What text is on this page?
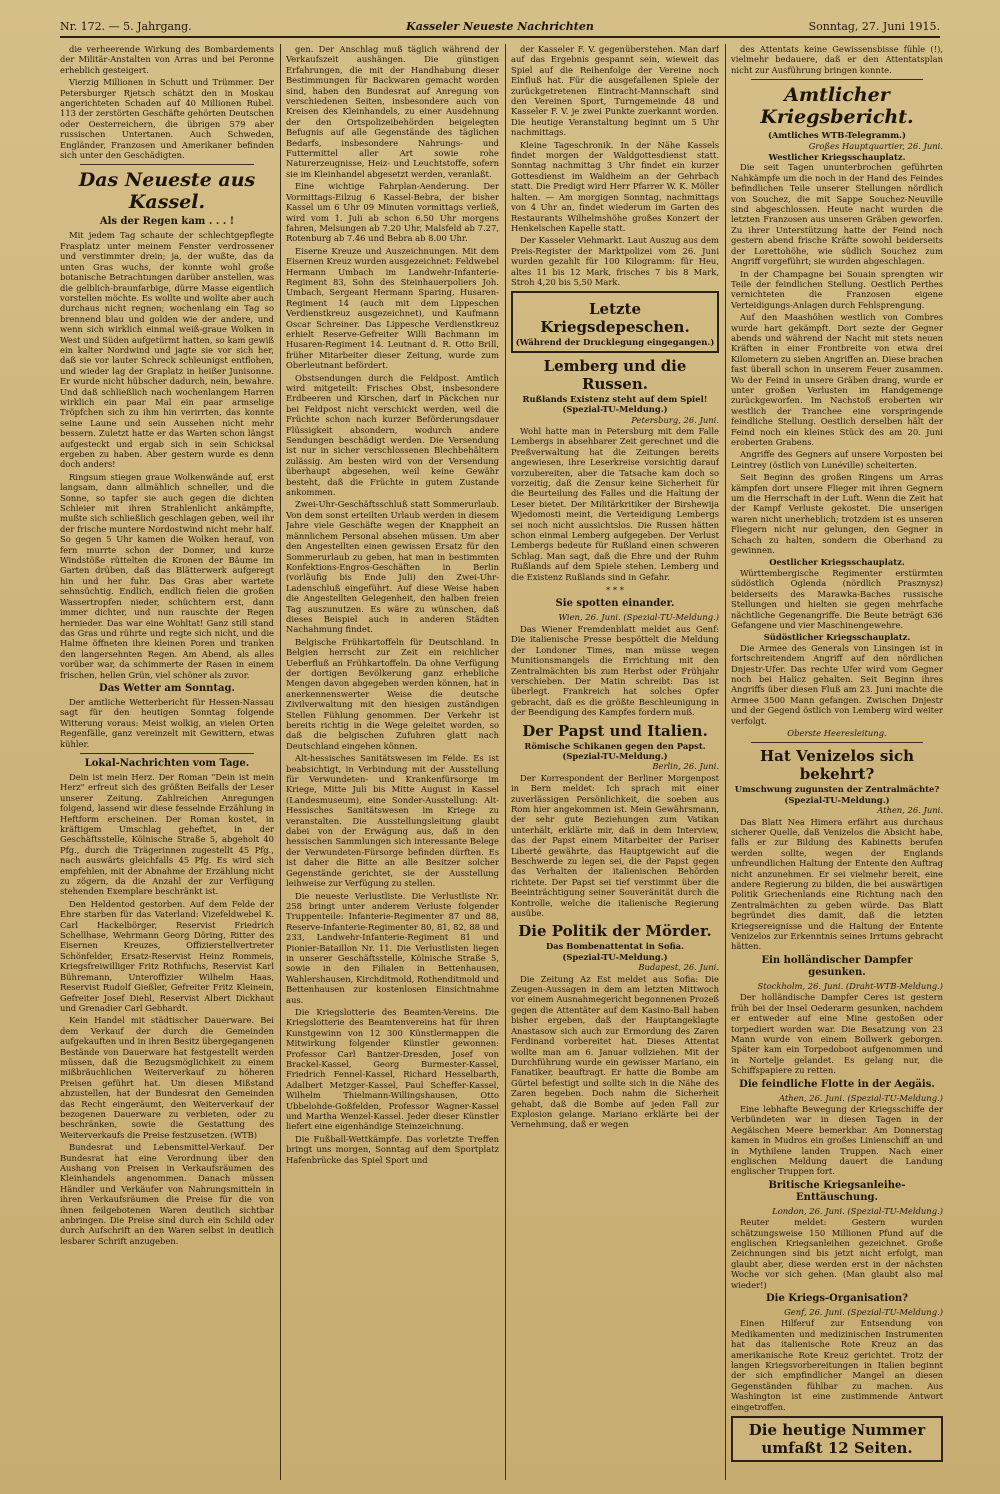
Nr. 172. — 5. Jahrgang.	Kasseler Neueste Nachrichten	Sonntag, 27. Juni 1915.

die verheerende Wirkung des Bombardements der Militär-Anstalten von Arras und bei Peronne erheblich gesteigert.

Vierzig Millionen in Schutt und Trümmer. Der Petersburger Rjetsch schätzt den in Moskau angerichteten Schaden auf 40 Millionen Rubel. 113 der zerstörten Geschäfte gehörten Deutschen oder Oesterreichern, die übrigen 579 aber russischen Untertanen. Auch Schweden, Engländer, Franzosen und Amerikaner befinden sich unter den Geschädigten.

Das Neueste aus Kassel.
Als der Regen kam . . . !

Mit jedem Tag schaute der schlechtgepflegte Frasplatz unter meinem Fenster verdrossener und verstimmter drein; ja, der wußte, das da unten Gras wuchs, der konnte wohl große botanische Betrachtungen darüber anstellen, was die gelblich-braunfarbige, dürre Masse eigentlich vorstellen möchte. Es wollte und wollte aber auch durchaus nicht regnen; wochenlang ein Tag so brennend blau und golden wie der andere, und wenn sich wirklich einmal weiß-graue Wolken in West und Süden aufgetürmt hatten, so kam gewiß ein kalter Nordwind und jagte sie vor sich her, daß sie vor lauter Schreck schleunigst entflohen, und wieder lag der Graplatz in heißer Junisonne. Er wurde nicht hübscher dadurch, nein, bewahre. Und daß schließlich nach wochenlangem Harren wirklich ein paar Mal ein paar armselige Tröpfchen sich zu ihm hin verirrten, das konnte seine Laune und sein Aussehen nicht mehr bessern. Zuletzt hatte er das Warten schon längst aufgesteckt und ergab sich in sein Schicksal ergeben zu haben. Aber gestern wurde es denn doch anders!

Ringsum stiegen graue Wolkenwände auf, erst langsam, dann allmählich schneller, und die Sonne, so tapfer sie auch gegen die dichten Schleier mit ihren Strahlenlicht ankämpfte, mußte sich schließlich geschlagen geben, weil ihr der frische muntere Nordostwind nicht mehr half. So gegen 5 Uhr kamen die Wolken herauf, von fern murrte schon der Donner, und kurze Windstöße rüttelten die Kronen der Bäume im Garten drüben, daß das Blätterwerk aufgeregt hin und her fuhr. Das Gras aber wartete sehnsüchtig. Endlich, endlich fielen die großen Wassertropfen nieder, schüchtern erst, dann immer dichter, und nun rauschte der Regen hernieder. Das war eine Wohltat! Ganz still stand das Gras und rührte und regte sich nicht, und die Halme öffneten ihre kleinen Poren und tranken den langersehnten Regen. Am Abend, als alles vorüber war, da schimmerte der Rasen in einem frischen, hellen Grün, viel schöner als zuvor.

Das Wetter am Sonntag.

Der amtliche Wetterbericht für Hessen-Nassau sagt für den heutigen Sonntag folgende Witterung voraus: Meist wolkig, an vielen Orten Regenfälle, ganz vereinzelt mit Gewittern, etwas kühler.

Lokal-Nachrichten vom Tage.

Dein ist mein Herz. Der Roman "Dein ist mein Herz" erfreut sich des größten Beifalls der Leser unserer Zeitung. Zahlreichen Anregungen folgend, lassend wir diese fesselnde Erzählung in Heftform erscheinen. Der Roman kostet, in kräftigem Umschlag geheftet, in der Geschäftsstelle, Kölnische Straße 5, abgeholt 40 Pfg., durch die Trägerinnen zugestellt 45 Pfg., nach auswärts gleichfalls 45 Pfg. Es wird sich empfehlen, mit der Abnahme der Erzählung nicht zu zögern, da die Anzahl der zur Verfügung stehenden Exemplare beschränkt ist.

Den Heldentod gestorben. Auf dem Felde der Ehre starben für das Vaterland: Vizefeldwebel K. Carl Hackelbörger, Reservist Friedrich Schellhase, Wehrmann Georg Döring, Ritter des Eisernen Kreuzes, Offizierstellvertreter Schönfelder, Ersatz-Reservist Heinz Rommeis, Kriegsfreiwilliger Fritz Rothfuchs, Reservist Karl Bühremann, Unteroffizier Wilhelm Haas, Reservist Rudolf Gießler, Gefreiter Fritz Kleinein, Gefreiter Josef Diehl, Reservist Albert Dickhaut und Grenadier Carl Gebhardt.

Kein Handel mit städtischer Dauerware. Bei dem Verkauf der durch die Gemeinden aufgekauften und in ihren Besitz übergegangenen Bestände von Dauerware hat festgestellt werden müssen, daß die Bezugsmöglichkeit zu einem mißbräuchlichen Weiterverkauf zu höheren Preisen geführt hat. Um diesen Mißstand abzustellen, hat der Bundesrat den Gemeinden das Recht eingeräumt, den Weiterverkauf der bezogenen Dauerware zu verbieten, oder zu beschränken, sowie die Gestattung des Weiterverkaufs die Preise festzusetzen. (WTB)

Bundesrat und Lebensmittel-Verkauf. Der Bundesrat hat eine Verordnung über den Aushang von Preisen in Verkaufsräumen des Kleinhandels angenommen. Danach müssen Händler und Verkäufer von Nahrungsmitteln in ihren Verkaufsräumen die Preise für die von ihnen feilgebotenen Waren deutlich sichtbar anbringen. Die Preise sind durch ein Schild oder durch Aufschrift an den Waren selbst in deutlich lesbarer Schrift anzugeben.

gen. Der Anschlag muß täglich während der Verkaufszeit aushängen. Die günstigen Erfahrungen, die mit der Handhabung dieser Bestimmungen für Backwaren gemacht worden sind, haben den Bundesrat auf Anregung von verschiedenen Seiten, insbesondere auch von Kreisen des Kleinhandels, zu einer Ausdehnung der den Ortspolizeibehörden beigelegten Befugnis auf alle Gegenstände des täglichen Bedarfs, insbesondere Nahrungs- und Futtermittel aller Art sowie rohe Naturerzeugnisse, Heiz- und Leuchtstoffe, sofern sie im Kleinhandel abgesetzt werden, veranlaßt.

Eine wichtige Fahrplan-Aenderung. Der Vormittags-Eilzug 6 Kassel-Bebra, der bisher Kassel um 6 Uhr 09 Minuten vormittags verließ, wird vom 1. Juli ab schon 6.50 Uhr morgens fahren, Melsungen ab 7.20 Uhr, Malsfeld ab 7.27, Rotenburg ab 7.46 und Bebra ab 8.00 Uhr.

Eiserne Kreuze und Auszeichnungen. Mit dem Eisernen Kreuz wurden ausgezeichnet: Feldwebel Hermann Umbach im Landwehr-Infanterie-Regiment 83, Sohn des Steinhauerpoliers Joh. Umbach, Sergeant Hermann Sparing, Husaren-Regiment 14 (auch mit dem Lippeschen Verdienstkreuz ausgezeichnet), und Kaufmann Oscar Schreiner. Das Lippesche Verdienstkreuz erhielt Reserve-Gefreiter Willi Bachmann im Husaren-Regiment 14. Leutnant d. R. Otto Brill, früher Mitarbeiter dieser Zeitung, wurde zum Oberleutnant befördert.

Obstsendungen durch die Feldpost. Amtlich wird mitgeteilt: Frisches Obst, insbesondere Erdbeeren und Kirschen, darf in Päckchen nur bei Feldpost nicht verschickt werden, weil die Früchte schon nach kurzer Beförderungsdauer Flüssigkeit absondern, wodurch andere Sendungen beschädigt werden. Die Versendung ist nur in sicher verschlossenen Blechbehältern zulässig. Am besten wird von der Versendung überhaupt abgesehen, weil keine Gewähr besteht, daß die Früchte in gutem Zustande ankommen.

Zwei-Uhr-Geschäftsschluß statt Sommerurlaub. Von dem sonst erteilten Urlaub werden in diesem Jahre viele Geschäfte wegen der Knappheit an männlichem Personal absehen müssen. Um aber den Angestellten einen gewissen Ersatz für den Sommerurlaub zu geben, hat man in bestimmten Konfektions-Engros-Geschäften in Berlin (vorläufig bis Ende Juli) den Zwei-Uhr-Ladenschluß eingeführt. Auf diese Weise haben die Angestellten Gelegenheit, den halben freien Tag auszunutzen. Es wäre zu wünschen, daß dieses Beispiel auch in anderen Städten Nachahmung findet.

Belgische Frühkartoffeln für Deutschland. In Belgien herrscht zur Zeit ein reichlicher Ueberfluß an Frühkartoffeln. Da ohne Verfügung der dortigen Bevölkerung ganz erhebliche Mengen davon abgegeben werden können, hat in anerkennenswerter Weise die deutsche Zivilverwaltung mit den hiesigen zuständigen Stellen Fühlung genommen. Der Verkehr ist bereits richtig in die Wege geleitet worden, so daß die belgischen Zufuhren glatt nach Deutschland eingehen können.

Alt-hessisches Sanitätswesen im Felde. Es ist beabsichtigt, in Verbindung mit der Ausstellung für Verwundeten- und Krankenfürsorge im Kriege, Mitte Juli bis Mitte August in Kassel (Landesmuseum), eine Sonder-Ausstellung: Alt-Hessisches Sanitätswesen im Kriege zu veranstalten. Die Ausstellungsleitung glaubt dabei von der Erwägung aus, daß in den hessischen Sammlungen sich interessante Belege der Verwundeten-Fürsorge befinden dürften. Es ist daher die Bitte an alle Besitzer solcher Gegenstände gerichtet, sie der Ausstellung leihweise zur Verfügung zu stellen.

Die neueste Verlustliste. Die Verlustliste Nr. 258 bringt unter anderem Verluste folgender Truppenteile: Infanterie-Regimenter 87 und 88, Reserve-Infanterie-Regimenter 80, 81, 82, 88 und 233, Landwehr-Infanterie-Regiment 81 und Pionier-Bataillon Nr. 11. Die Verlustlisten liegen in unserer Geschäftsstelle, Kölnische Straße 5, sowie in den Filialen in Bettenhausen, Wahlershausen, Kirchditmold, Rothenditmold und Bettenhausen zur kostenlosen Einsichtnahme aus.

Die Kriegslotterie des Beamten-Vereins. Die Kriegslotterie des Beamtenvereins hat für ihren Kunstgewinn von 12 300 Künstlermappen die Mitwirkung folgender Künstler gewonnen: Professor Carl Bantzer-Dresden, Josef von Brackel-Kassel, Georg Burmester-Kassel, Friedrich Fennel-Kassel, Richard Hesselbarth, Adalbert Metzger-Kassel, Paul Scheffer-Kassel, Wilhelm Thielmann-Willingshausen, Otto Ubbelohde-Goßfelden, Professor Wagner-Kassel und Martha Wenzel-Kassel. Jeder dieser Künstler liefert eine eigenhändige Steinzeichnung.

Die Fußball-Wettkämpfe. Das vorletzte Treffen bringt uns morgen, Sonntag auf dem Sportplatz Hafenbrücke das Spiel Sport und

der Kasseler F. V. gegenüberstehen. Man darf auf das Ergebnis gespannt sein, wieweit das Spiel auf die Reihenfolge der Vereine noch Einfluß hat. Für die ausgefallenen Spiele der zurückgetretenen Eintracht-Mannschaft sind den Vereinen Sport, Turngemeinde 48 und Kasseler F. V. je zwei Punkte zuerkannt worden. Die heutige Veranstaltung beginnt um 5 Uhr nachmittags.

Kleine Tageschronik. In der Nähe Kassels findet morgen der Waldgottesdienst statt. Sonntag nachmittag 3 Uhr findet ein kurzer Gottesdienst im Waldheim an der Gehrbach statt. Die Predigt wird Herr Pfarrer W. K. Möller halten. — Am morgigen Sonntag, nachmittags von 4 Uhr an, findet wiederum im Garten des Restaurants Wilhelmshöhe großes Konzert der Henkelschen Kapelle statt.

Der Kasseler Viehmarkt. Laut Auszug aus dem Preis-Register der Marktpolizei vom 26. Juni wurden gezahlt für 100 Kilogramm: für Heu, altes 11 bis 12 Mark, frisches 7 bis 8 Mark, Stroh 4,20 bis 5,50 Mark.

Letzte Kriegsdepeschen.
(Während der Drucklegung eingegangen.)
Lemberg und die Russen.
Rußlands Existenz steht auf dem Spiel!
(Spezial-TU-Meldung.)
Petersburg, 26. Juni.

Wohl hatte man in Petersburg mit dem Falle Lembergs in absehbarer Zeit gerechnet und die Preßverwaltung hat die Zeitungen bereits angewiesen, ihre Leserkreise vorsichtig darauf vorzubereiten, aber die Tatsache kam doch so vorzeitig, daß die Zensur keine Sicherheit für die Beurteilung des Falles und die Haltung der Leser bietet. Der Militärkritiker der Birshewija Wjedomosti meint, die Verteidigung Lembergs sei noch nicht aussichtslos. Die Russen hätten schon einmal Lemberg aufgegeben. Der Verlust Lembergs bedeute für Rußland einen schweren Schlag. Man sagt, daß die Ehre und der Ruhm Rußlands auf dem Spiele stehen. Lemberg und die Existenz Rußlands sind in Gefahr.

* * *
Sie spotten einander.
Wien, 26. Juni. (Spezial-TU-Meldung.)

Das Wiener Fremdenblatt meldet aus Genf: Die italienische Presse bespöttelt die Meldung der Londoner Times, man müsse wegen Munitionsmangels die Errichtung mit den Zentralmächten bis zum Herbst oder Frühjahr verschieben. Der Matin schreibt: Das ist überlegt. Frankreich hat solches Opfer gebracht, daß es die größte Beschleunigung in der Beendigung des Kampfes fordern muß.

Der Papst und Italien.
Römische Schikanen gegen den Papst.
(Spezial-TU-Meldung.)
Berlin, 26. Juni.

Der Korrespondent der Berliner Morgenpost in Bern meldet: Ich sprach mit einer zuverlässigen Persönlichkeit, die soeben aus Rom hier angekommen ist. Mein Gewährsmann, der sehr gute Beziehungen zum Vatikan unterhält, erklärte mir, daß in dem Interview, das der Papst einem Mitarbeiter der Pariser Liberté gewährte, das Hauptgewicht auf die Beschwerde zu legen sei, die der Papst gegen das Verhalten der italienischen Behörden richtete. Der Papst sei tief verstimmt über die Beeinträchtigung seiner Souveränität durch die Kontrolle, welche die italienische Regierung ausübe.

Die Politik der Mörder.
Das Bombenattentat in Sofia.
(Spezial-TU-Meldung.)
Budapest, 26. Juni.

Die Zeitung Az Est meldet aus Sofia: Die Zeugen-Aussagen in dem am letzten Mittwoch vor einem Ausnahmegericht begonnenen Prozeß gegen die Attentäter auf dem Kasino-Ball haben bisher ergeben, daß der Hauptangeklagte Anastasow sich auch zur Ermordung des Zaren Ferdinand vorbereitet hat. Dieses Attentat wollte man am 6. Januar vollziehen. Mit der Durchführung wurde ein gewisser Mariano, ein Fanatiker, beauftragt. Er hatte die Bombe am Gürtel befestigt und sollte sich in die Nähe des Zaren begeben. Doch nahm die Sicherheit gehabt, daß die Bombe auf jeden Fall zur Explosion gelange. Mariano erklärte bei der Vernehmung, daß er wegen

des Attentats keine Gewissensbisse fühle (!), vielmehr bedauere, daß er den Attentatsplan nicht zur Ausführung bringen konnte.

Amtlicher Kriegsbericht.
(Amtliches WTB-Telegramm.)
Großes Hauptquartier, 26. Juni.
Westlicher Kriegsschauplatz.

Die seit Tagen ununterbrochen geführten Nahkämpfe um die noch in der Hand des Feindes befindlichen Teile unserer Stellungen nördlich von Souchez, die mit Sappe Souchez-Neuville sind abgeschlossen. Heute nacht wurden die letzten Franzosen aus unseren Gräben geworfen. Zu ihrer Unterstützung hatte der Feind noch gestern abend frische Kräfte sowohl beiderseits der Lorettohöhe, wie südlich Souchez zum Angriff vorgeführt; sie wurden abgeschlagen.

In der Champagne bei Souain sprengten wir Teile der feindlichen Stellung. Oestlich Perthes vernichteten die Franzosen eigene Verteidigungs-Anlagen durch Fehlsprengung.

Auf den Maashöhen westlich von Combres wurde hart gekämpft. Dort sezte der Gegner abends und während der Nacht mit stets neuen Kräften in einer Frontbreite von etwa drei Kilometern zu sieben Angriffen an. Diese brachen fast überall schon in unserem Feuer zusammen. Wo der Feind in unsere Gräben drang, wurde er unter großen Verlusten im Handgemenge zurückgeworfen. Im Nachstoß eroberten wir westlich der Tranchee eine vorspringende feindliche Stellung. Oestlich derselben hält der Feind noch ein kleines Stück des am 20. Juni eroberten Grabens.

Angriffe des Gegners auf unsere Vorposten bei Leintrey (östlich von Lunéville) scheiterten.

Seit Beginn des großen Ringens um Arras kämpfen dort unsere Flieger mit ihren Gegnern um die Herrschaft in der Luft. Wenn die Zeit hat der Kampf Verluste gekostet. Die unserigen waren nicht unerheblich; trotzdem ist es unseren Fliegern nicht nur gelungen, den Gegner in Schach zu halten, sondern die Oberhand zu gewinnen.

Oestlicher Kriegsschauplatz.

Württembergische Regimenter erstürmten südöstlich Oglenda (nördlich Prasznysz) beiderseits des Marawka-Baches russische Stellungen und hielten sie gegen mehrfache nächtliche Gegenangriffe. Die Beute beträgt 636 Gefangene und vier Maschinengewehre.

Südöstlicher Kriegsschauplatz.

Die Armee des Generals von Linsingen ist in fortschreitendem Angriff auf den nördlichen Dnjestr-Ufer. Das rechte Ufer wird vom Gegner noch bei Halicz gehalten. Seit Beginn ihres Angriffs über diesen Fluß am 23. Juni machte die Armee 3500 Mann gefangen. Zwischen Dnjestr und der Gegend östlich von Lemberg wird weiter verfolgt.

Oberste Heeresleitung.
Hat Venizelos sich bekehrt?
Umschwung zugunsten der Zentralmächte?
(Spezial-TU-Meldung.)
Athen, 26. Juni.

Das Blatt Nea Himera erfährt aus durchaus sicherer Quelle, daß Venizelos die Absicht habe, falls er zur Bildung des Kabinetts berufen werden sollte, wegen der Englands unfreundlichen Haltung der Entente den Auftrag nicht anzunehmen. Er sei vielmehr bereit, eine andere Regierung zu bilden, die bei auswärtigen Politik Griechenlands eine Richtung nach den Zentralmächten zu geben würde. Das Blatt begründet dies damit, daß die letzten Kriegsereignisse und die Haltung der Entente Venizelos zur Erkenntnis seines Irrtums gebracht hätten.

Ein holländischer Dampfer gesunken.
Stockholm, 26. Juni. (Draht-WTB-Meldung.)

Der holländische Dampfer Ceres ist gestern früh bei der Insel Oederarm gesunken, nachdem er entweder auf eine Mine gestoßen oder torpediert worden war. Die Besatzung von 23 Mann wurde von einem Bollwerk geborgen. Später kam ein Torpedoboot aufgenommen und in Nortelje gelandet. Es gelang nur, die Schiffspapiere zu retten.

Die feindliche Flotte in der Aegäis.
Athen, 26. Juni. (Spezial-TU-Meldung.)

Eine lebhafte Bewegung der Kriegsschiffe der Verbündeten war in diesen Tagen in der Aegäischen Meere bemerkbar. Am Donnerstag kamen in Mudros ein großes Linienschiff an und in Mythilene landen Truppen. Nach einer englischen Meldung dauert die Landung englischer Truppen fort.

Britische Kriegsanleihe-Enttäuschung.
London, 26. Juni. (Spezial-TU-Meldung.)

Reuter meldet: Gestern wurden schätzungsweise 150 Millionen Pfund auf die englischen Kriegsanleihen gezeichnet. Große Zeichnungen sind bis jetzt nicht erfolgt, man glaubt aber, diese werden erst in der nächsten Woche vor sich gehen. (Man glaubt also mal wieder!)

Die Kriegs-Organisation?
Genf, 26. Juni. (Spezial-TU-Meldung.)

Einen Hilferuf zur Entsendung von Medikamenten und medizinischen Instrumenten hat das italienische Rote Kreuz an das amerikanische Rote Kreuz gerichtet. Trotz der langen Kriegsvorbereitungen in Italien beginnt der sich empfindlicher Mangel an diesen Gegenständen fühlbar zu machen. Aus Washington ist eine zustimmende Antwort eingetroffen.

Die heutige Nummer umfaßt 12 Seiten.
